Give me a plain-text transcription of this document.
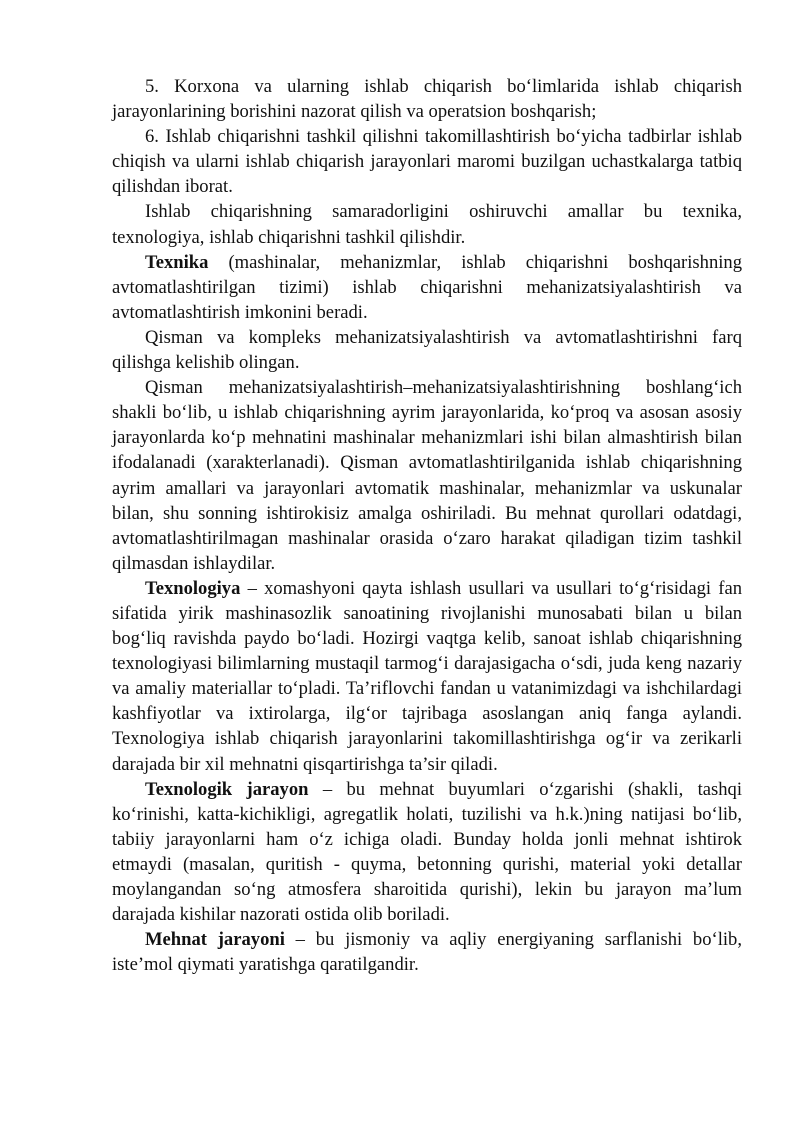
5. Korxona va ularning ishlab chiqarish bo‘limlarida ishlab chiqarish jarayonlarining borishini nazorat qilish va operatsion boshqarish;

6. Ishlab chiqarishni tashkil qilishni takomillashtirish bo‘yicha tadbirlar ishlab chiqish va ularni ishlab chiqarish jarayonlari maromi buzilgan uchastkalarga tatbiq qilishdan iborat.

Ishlab chiqarishning samaradorligini oshiruvchi amallar bu texnika, texnologiya, ishlab chiqarishni tashkil qilishdir.

Texnika (mashinalar, mehanizmlar, ishlab chiqarishni boshqarishning avtomatlashtirilgan tizimi) ishlab chiqarishni mehanizatsiyalashtirish va avtomatlashtirish imkonini beradi.

Qisman va kompleks mehanizatsiyalashtirish va avtomatlashtirishni farq qilishga kelishib olingan.

Qisman mehanizatsiyalashtirish–mehanizatsiyalashtirishning boshlang‘ich shakli bo‘lib, u ishlab chiqarishning ayrim jarayonlarida, ko‘proq va asosan asosiy jarayonlarda ko‘p mehnatini mashinalar mehanizmlari ishi bilan almashtirish bilan ifodalanadi (xarakterlanadi). Qisman avtomatlashtirilganida ishlab chiqarishning ayrim amallari va jarayonlari avtomatik mashinalar, mehanizmlar va uskunalar bilan, shu sonning ishtirokisiz amalga oshiriladi. Bu mehnat qurollari odatdagi, avtomatlashtirilmagan mashinalar orasida o‘zaro harakat qiladigan tizim tashkil qilmasdan ishlaydilar.

Texnologiya – xomashyoni qayta ishlash usullari va usullari to‘g‘risidagi fan sifatida yirik mashinasozlik sanoatining rivojlanishi munosabati bilan u bilan bog‘liq ravishda paydo bo‘ladi. Hozirgi vaqtga kelib, sanoat ishlab chiqarishning texnologiyasi bilimlarning mustaqil tarmog‘i darajasigacha o‘sdi, juda keng nazariy va amaliy materiallar to‘pladi. Ta’riflovchi fandan u vatanimizdagi va ishchilardagi kashfiyotlar va ixtirolarga, ilg‘or tajribaga asoslangan aniq fanga aylandi. Texnologiya ishlab chiqarish jarayonlarini takomillashtirishga og‘ir va zerikarli darajada bir xil mehnatni qisqartirishga ta’sir qiladi.

Texnologik jarayon – bu mehnat buyumlari o‘zgarishi (shakli, tashqi ko‘rinishi, katta-kichikligi, agregatlik holati, tuzilishi va h.k.)ning natijasi bo‘lib, tabiiy jarayonlarni ham o‘z ichiga oladi. Bunday holda jonli mehnat ishtirok etmaydi (masalan, quritish - quyma, betonning qurishi, material yoki detallar moylangandan so‘ng atmosfera sharoitida qurishi), lekin bu jarayon ma’lum darajada kishilar nazorati ostida olib boriladi.

Mehnat jarayoni – bu jismoniy va aqliy energiyaning sarflanishi bo‘lib, iste’mol qiymati yaratishga qaratilgandir.
